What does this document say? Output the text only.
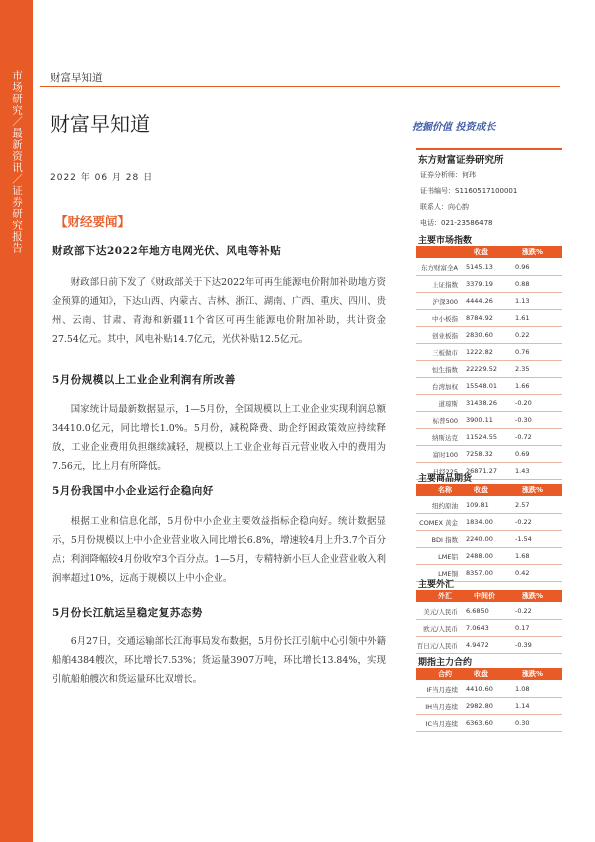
市场研究／最新资讯／证券研究报告	财富早知道
财富早知道	挖掘价值 投资成长
2022 年 06 月 28 日
【财经要闻】
财政部下达2022年地方电网光伏、风电等补贴
财政部日前下发了《财政部关于下达2022年可再生能源电价附加补助地方资金预算的通知》，下达山西、内蒙古、吉林、浙江、湖南、广西、重庆、四川、贵州、云南、甘肃、青海和新疆11个省区可再生能源电价附加补助，共计资金27.54亿元。其中，风电补贴14.7亿元，光伏补贴12.5亿元。
5月份规模以上工业企业利润有所改善
国家统计局最新数据显示，1—5月份，全国规模以上工业企业实现利润总额34410.0亿元，同比增长1.0%。5月份，减税降费、助企纾困政策效应持续释放，工业企业费用负担继续减轻，规模以上工业企业每百元营业收入中的费用为7.56元，比上月有所降低。
5月份我国中小企业运行企稳向好
根据工业和信息化部，5月份中小企业主要效益指标企稳向好。统计数据显示，5月份规模以上中小企业营业收入同比增长6.8%，增速较4月上升3.7个百分点；利润降幅较4月份收窄3个百分点。1—5月，专精特新小巨人企业营业收入利润率超过10%，远高于规模以上中小企业。
5月份长江航运呈稳定复苏态势
6月27日，交通运输部长江海事局发布数据，5月份长江引航中心引领中外籍船舶4384艘次，环比增长7.53%；货运量3907万吨，环比增长13.84%，实现引航船舶艘次和货运量环比双增长。
东方财富证券研究所
证券分析师：何玮
证书编号：S1160517100001
联系人：向心韵
电话：021-23586478
主要市场指数
收盘	涨跌%
东方财富全A 5145.13	0.96
上证指数 3379.19	0.88
沪深300 4444.26	1.13
中小板指 8784.92	1.61
创业板指 2830.60	0.22
三板做市 1222.82	0.76
恒生指数 22229.52	2.35
台湾加权 15548.01	1.66
道琼斯 31438.26	-0.20
标普500 3900.11	-0.30
纳斯达克 11524.55	-0.72
富时100 7258.32	0.69
日经225 26871.27	1.43
主要商品期货
名称	收盘	涨跌%
纽约原油 109.81	2.57
COMEX 黄金 1834.00	-0.22
BDI 指数 2240.00	-1.54
LME铝 2488.00	1.68
LME铜 8357.00	0.42
主要外汇
外汇	中间价	涨跌%
美元/人民币 6.6850	-0.22
欧元/人民币 7.0643	0.17
百日元/人民币 4.9472	-0.39
期指主力合约
合约	收盘	涨跌%
IF当月连续 4410.60	1.08
IH当月连续 2982.80	1.14
IC当月连续 6363.60	0.30
